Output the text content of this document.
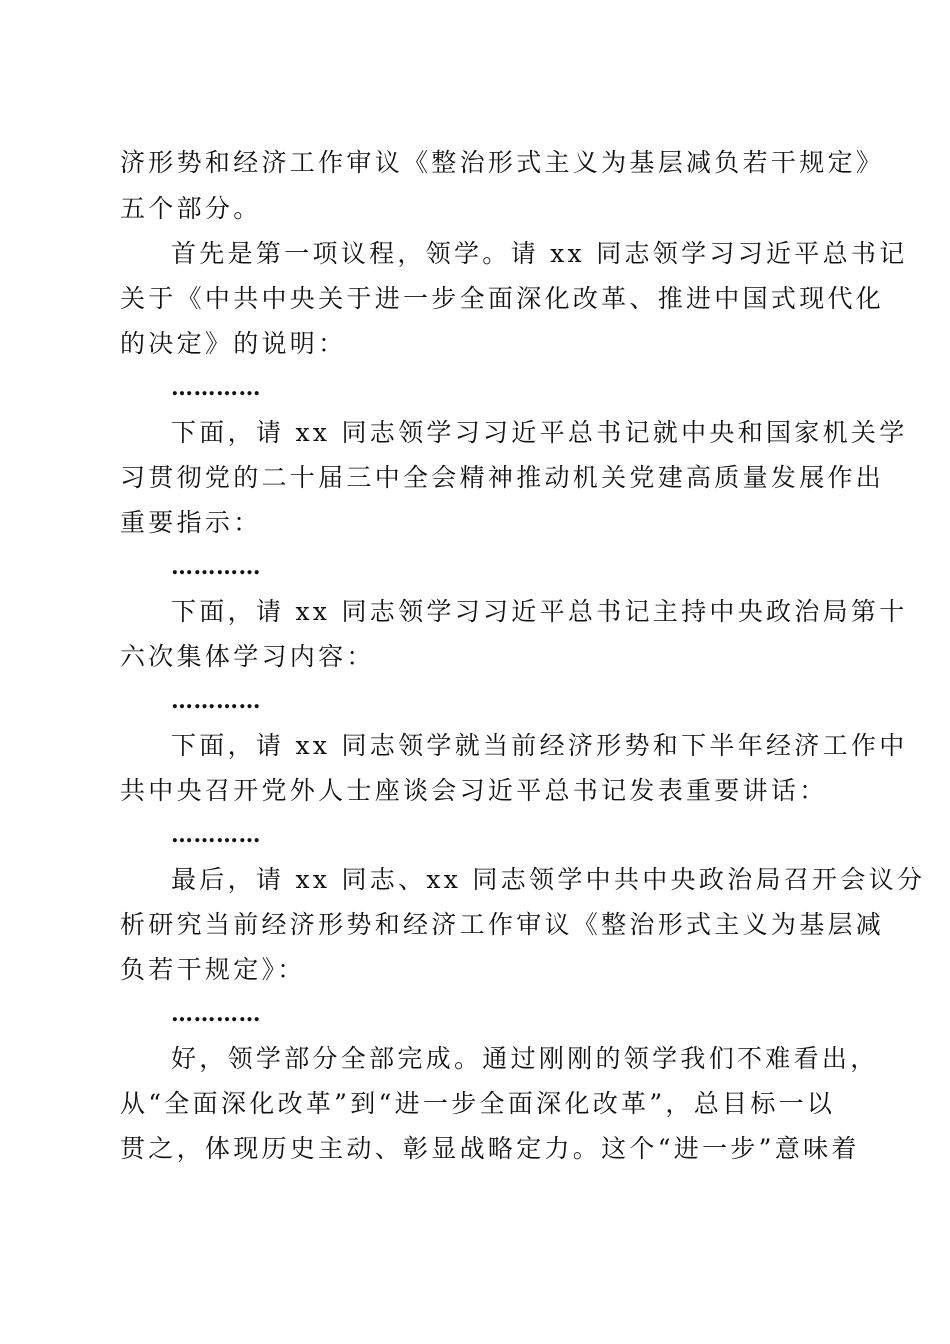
济形势和经济工作审议《整治形式主义为基层减负若干规定》
五个部分。
首先是第一项议程，领学。请 xx 同志领学习习近平总书记
关于《中共中央关于进一步全面深化改革、推进中国式现代化
的决定》的说明：
…………
下面，请 xx 同志领学习习近平总书记就中央和国家机关学
习贯彻党的二十届三中全会精神推动机关党建高质量发展作出
重要指示：
…………
下面，请 xx 同志领学习习近平总书记主持中央政治局第十
六次集体学习内容：
…………
下面，请 xx 同志领学就当前经济形势和下半年经济工作中
共中央召开党外人士座谈会习近平总书记发表重要讲话：
…………
最后，请 xx 同志、xx 同志领学中共中央政治局召开会议分
析研究当前经济形势和经济工作审议《整治形式主义为基层减
负若干规定》：
…………
好，领学部分全部完成。通过刚刚的领学我们不难看出，
从“全面深化改革”到“进一步全面深化改革”，总目标一以
贯之，体现历史主动、彰显战略定力。这个“进一步”意味着
